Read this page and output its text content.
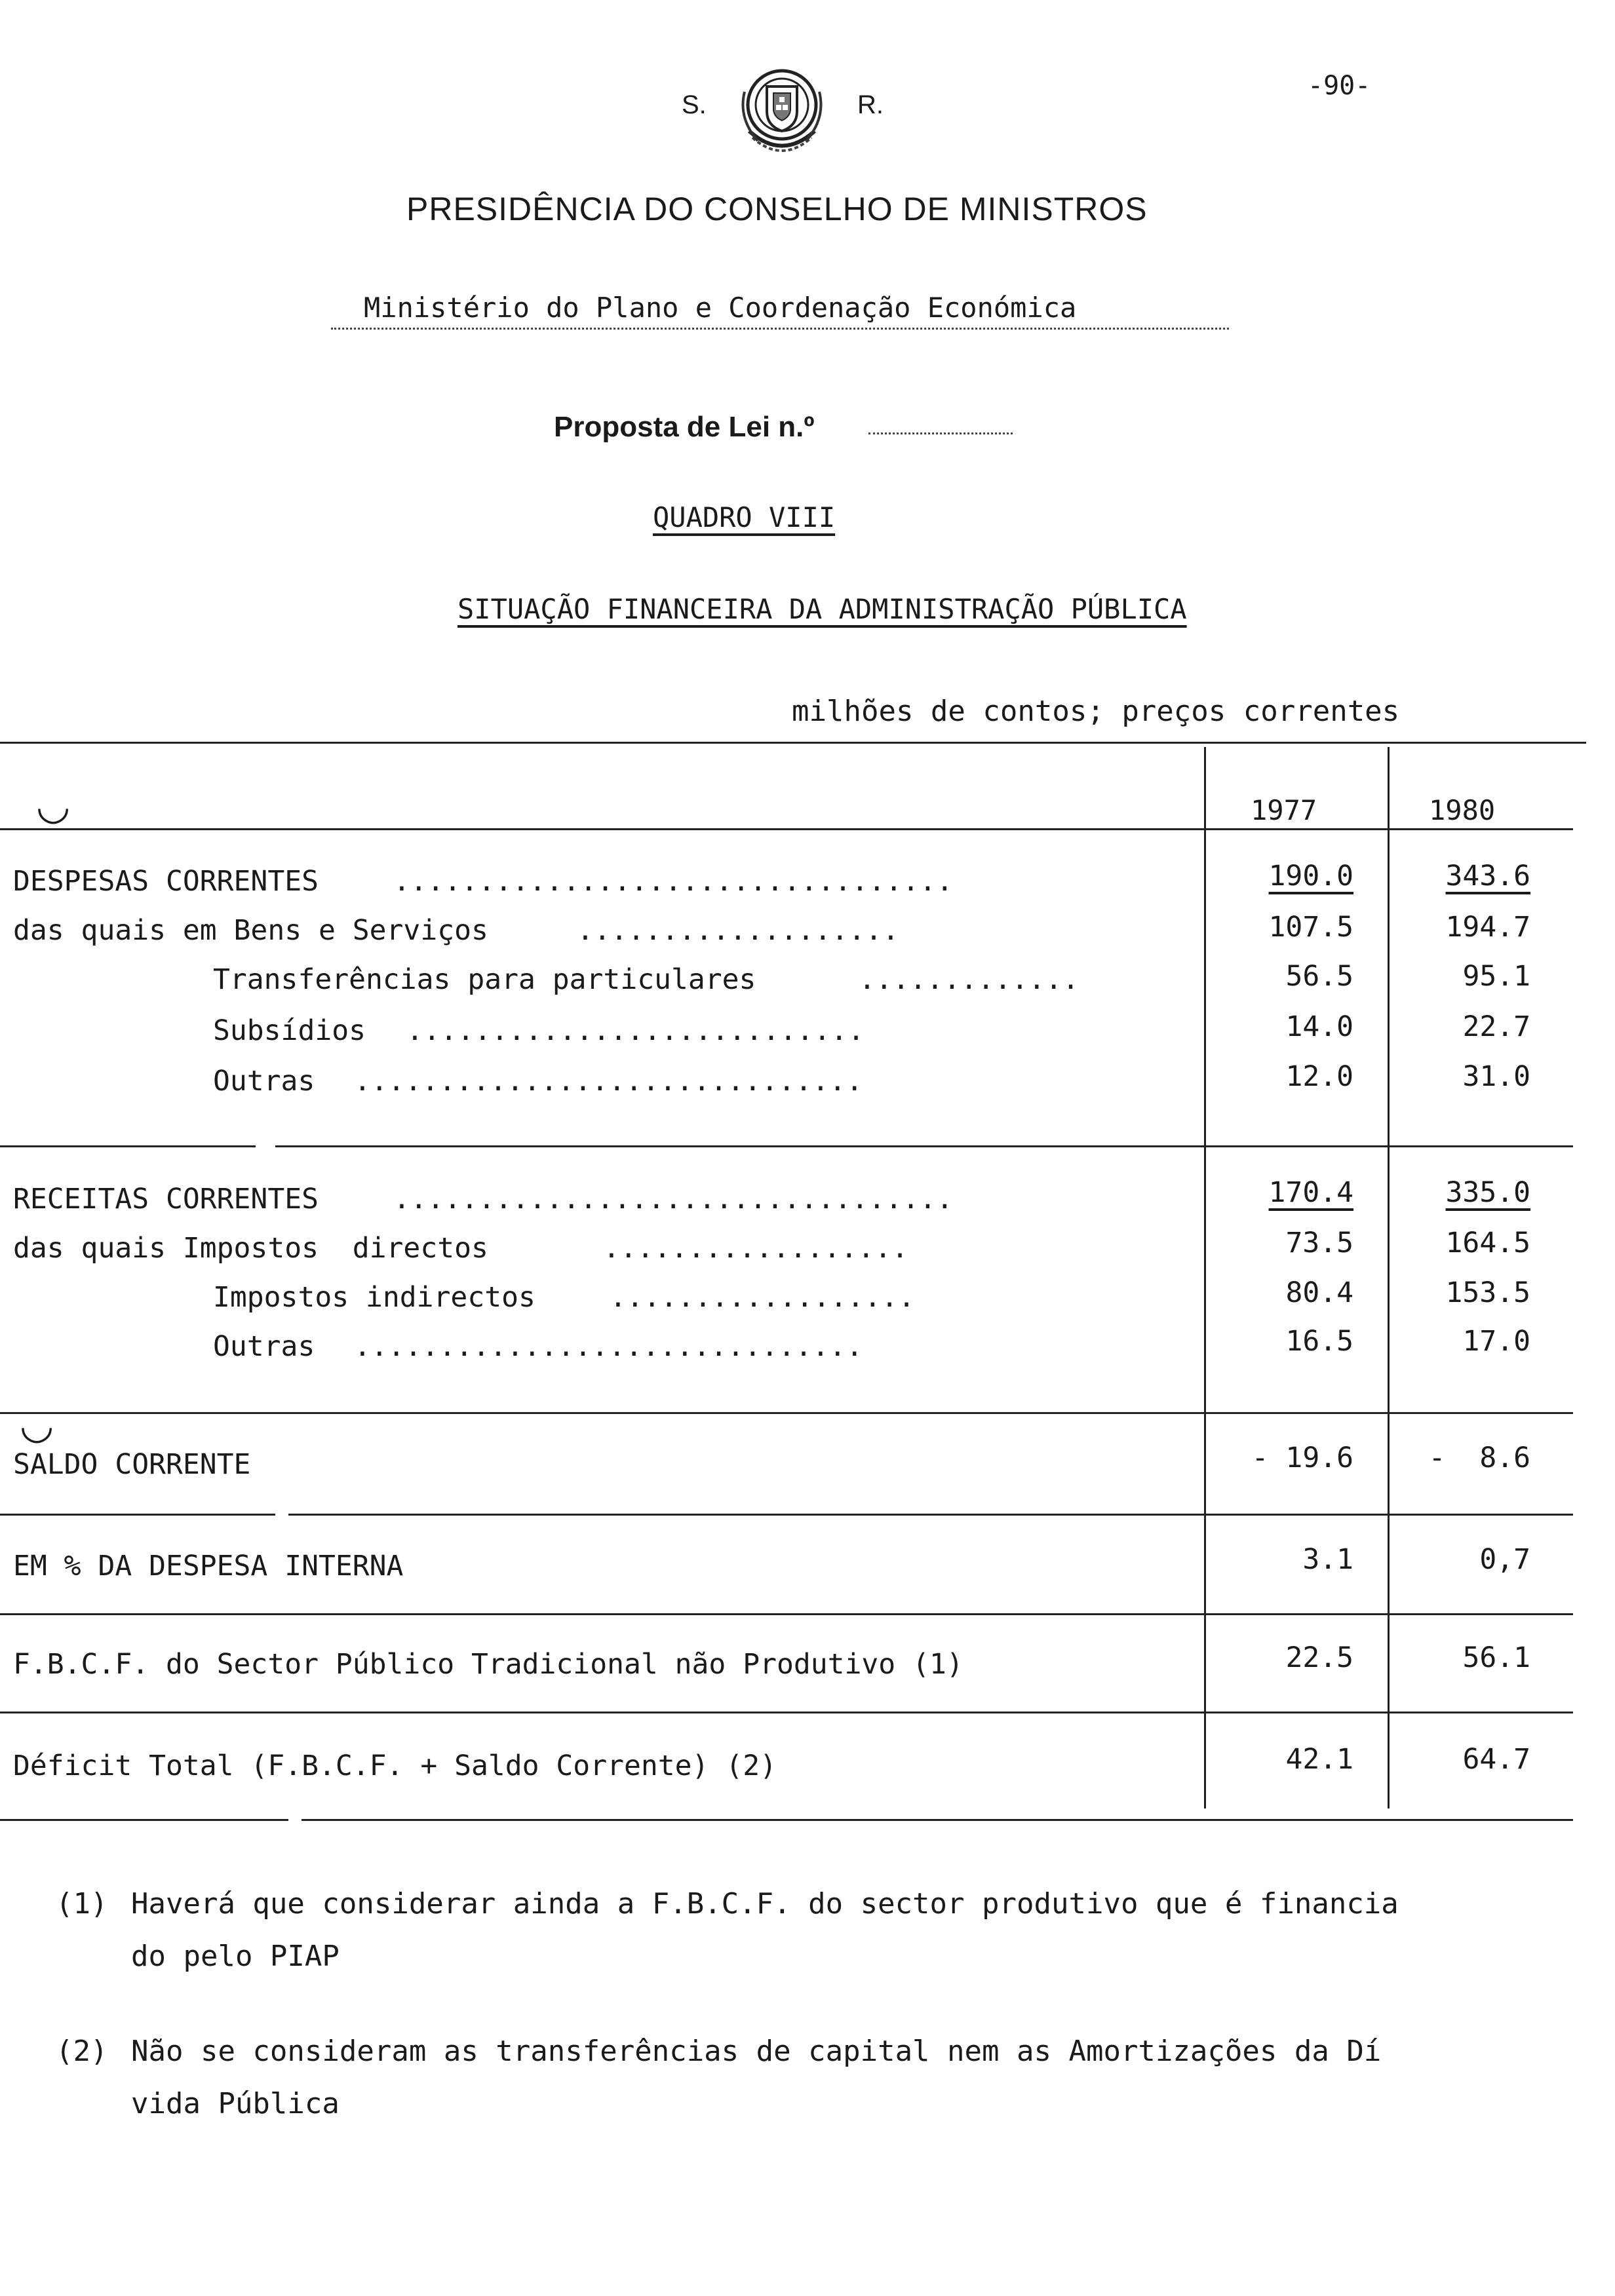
-90-
S.	R.
PRESIDÊNCIA DO CONSELHO DE MINISTROS
Ministério do Plano e Coordenação Económica
Proposta de Lei n.º
QUADRO VIII
SITUAÇÃO FINANCEIRA DA ADMINISTRAÇÃO PÚBLICA
milhões de contos; preços correntes
◡
◡
1977	1980
DESPESAS CORRENTES	.................................	190.0	343.6
das quais em Bens e Serviços	...................	107.5	194.7
Transferências para particulares	.............	56.5	95.1
Subsídios ...........................	14.0	22.7
Outras ..............................	12.0	31.0
RECEITAS CORRENTES	.................................	170.4	335.0
das quais Impostos  directos	..................	73.5	164.5
Impostos indirectos	..................	80.4	153.5
Outras ..............................	16.5	17.0
SALDO CORRENTE	- 19.6	-  8.6
EM % DA DESPESA INTERNA	3.1	0,7
F.B.C.F. do Sector Público Tradicional não Produtivo (1)	22.5	56.1
Déficit Total (F.B.C.F. + Saldo Corrente) (2)	42.1	64.7
(1) Haverá que considerar ainda a F.B.C.F. do sector produtivo que é financia
do pelo PIAP
(2) Não se consideram as transferências de capital nem as Amortizações da Dí
vida Pública
